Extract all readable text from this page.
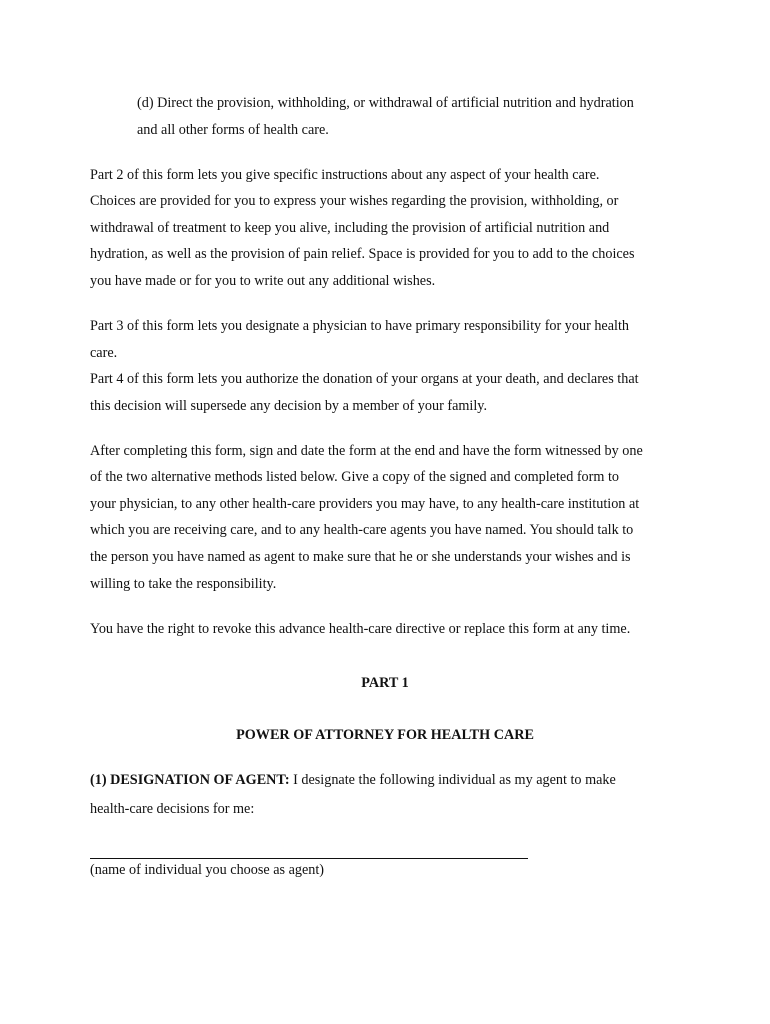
(d) Direct the provision, withholding, or withdrawal of artificial nutrition and hydration
and all other forms of health care.
Part 2 of this form lets you give specific instructions about any aspect of your health care.
Choices are provided for you to express your wishes regarding the provision, withholding, or
withdrawal of treatment to keep you alive, including the provision of artificial nutrition and
hydration, as well as the provision of pain relief. Space is provided for you to add to the choices
you have made or for you to write out any additional wishes.
Part 3 of this form lets you designate a physician to have primary responsibility for your health
care.
Part 4 of this form lets you authorize the donation of your organs at your death, and declares that
this decision will supersede any decision by a member of your family.
After completing this form, sign and date the form at the end and have the form witnessed by one
of the two alternative methods listed below. Give a copy of the signed and completed form to
your physician, to any other health-care providers you may have, to any health-care institution at
which you are receiving care, and to any health-care agents you have named. You should talk to
the person you have named as agent to make sure that he or she understands your wishes and is
willing to take the responsibility.
You have the right to revoke this advance health-care directive or replace this form at any time.
PART 1
POWER OF ATTORNEY FOR HEALTH CARE
(1) DESIGNATION OF AGENT: I designate the following individual as my agent to make
health-care decisions for me:
(name of individual you choose as agent)
